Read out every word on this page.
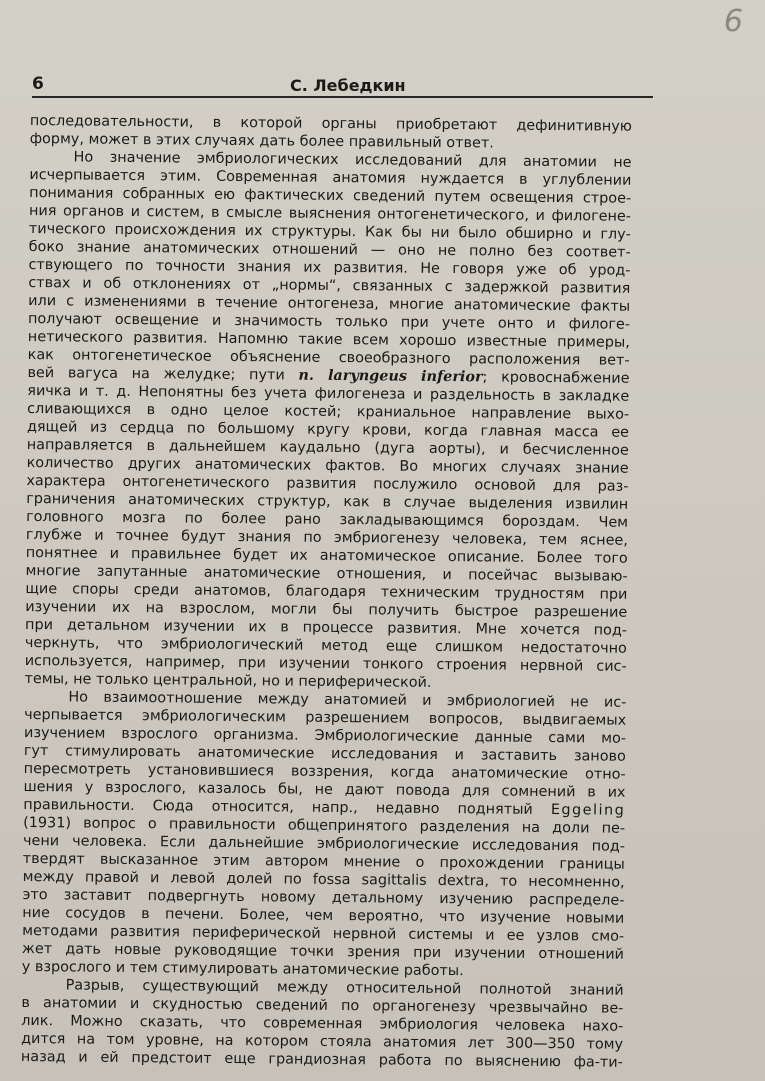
6
6	С. Лебедкин
последовательности, в которой органы приобретают дефинитивную
форму, может в этих случаях дать более правильный ответ.
Но значение эмбриологических исследований для анатомии не
исчерпывается этим. Современная анатомия нуждается в углублении
понимания собранных ею фактических сведений путем освещения строе-
ния органов и систем, в смысле выяснения онтогенетического, и филогене-
тического происхождения их структуры. Как бы ни было обширно и глу-
боко знание анатомических отношений — оно не полно без соответ-
ствующего по точности знания их развития. Не говоря уже об урод-
ствах и об отклонениях от „нормы“, связанных с задержкой развития
или с изменениями в течение онтогенеза, многие анатомические факты
получают освещение и значимость только при учете онто и филоге-
нетического развития. Напомню такие всем хорошо известные примеры,
как онтогенетическое объяснение своеобразного расположения вет-
вей вагуса на желудке; пути n. laryngeus inferior; кровоснабжение
яичка и т. д. Непонятны без учета филогенеза и раздельность в закладке
сливающихся в одно целое костей; краниальное направление выхо-
дящей из сердца по большому кругу крови, когда главная масса ее
направляется в дальнейшем каудально (дуга аорты), и бесчисленное
количество других анатомических фактов. Во многих случаях знание
характера онтогенетического развития послужило основой для раз-
граничения анатомических структур, как в случае выделения извилин
головного мозга по более рано закладывающимся бороздам. Чем
глубже и точнее будут знания по эмбриогенезу человека, тем яснее,
понятнее и правильнее будет их анатомическое описание. Более того
многие запутанные анатомические отношения, и посейчас вызываю-
щие споры среди анатомов, благодаря техническим трудностям при
изучении их на взрослом, могли бы получить быстрое разрешение
при детальном изучении их в процессе развития. Мне хочется под-
черкнуть, что эмбриологический метод еще слишком недостаточно
используется, например, при изучении тонкого строения нервной сис-
темы, не только центральной, но и периферической.
Но взаимоотношение между анатомией и эмбриологией не ис-
черпывается эмбриологическим разрешением вопросов, выдвигаемых
изучением взрослого организма. Эмбриологические данные сами мо-
гут стимулировать анатомические исследования и заставить заново
пересмотреть установившиеся воззрения, когда анатомические отно-
шения у взрослого, казалось бы, не дают повода для сомнений в их
правильности. Сюда относится, напр., недавно поднятый Eggeling
(1931) вопрос о правильности общепринятого разделения на доли пе-
чени человека. Если дальнейшие эмбриологические исследования под-
твердят высказанное этим автором мнение о прохождении границы
между правой и левой долей по fossa sagittalis dextra, то несомненно,
это заставит подвергнуть новому детальному изучению распределе-
ние сосудов в печени. Более, чем вероятно, что изучение новыми
методами развития периферической нервной системы и ее узлов смо-
жет дать новые руководящие точки зрения при изучении отношений
у взрослого и тем стимулировать анатомические работы.
Разрыв, существующий между относительной полнотой знаний
в анатомии и скудностью сведений по органогенезу чрезвычайно ве-
лик. Можно сказать, что современная эмбриология человека нахо-
дится на том уровне, на котором стояла анатомия лет 300—350 тому
назад и ей предстоит еще грандиозная работа по выяснению фа-ти-
